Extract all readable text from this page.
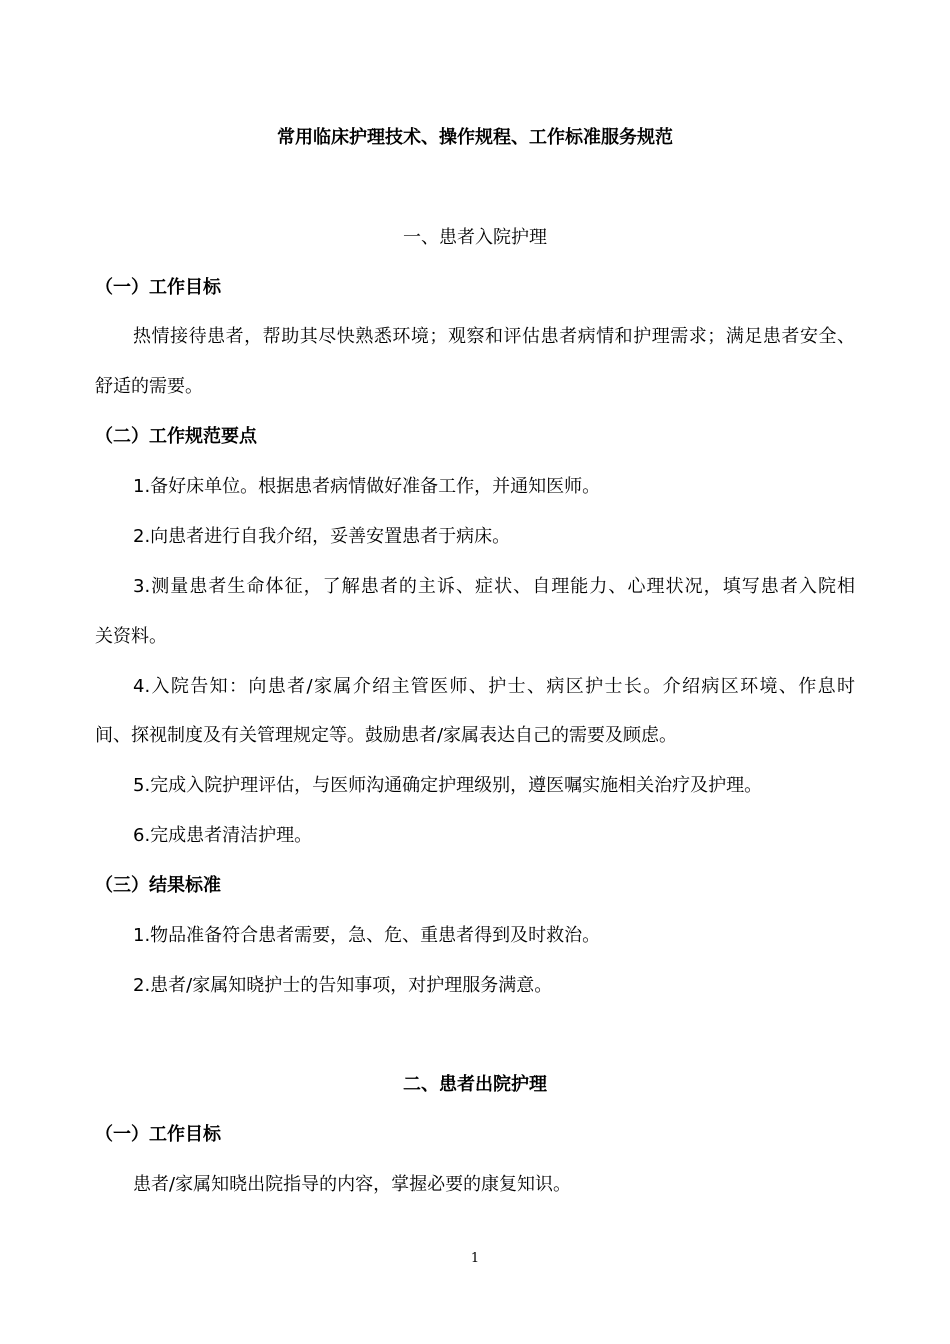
常用临床护理技术、操作规程、工作标准服务规范
一、患者入院护理
（一）工作目标
热情接待患者，帮助其尽快熟悉环境；观察和评估患者病情和护理需求；满足患者安全、
舒适的需要。
（二）工作规范要点
1.备好床单位。根据患者病情做好准备工作，并通知医师。
2.向患者进行自我介绍，妥善安置患者于病床。
3.测量患者生命体征，了解患者的主诉、症状、自理能力、心理状况，填写患者入院相
关资料。
4.入院告知：向患者/家属介绍主管医师、护士、病区护士长。介绍病区环境、作息时
间、探视制度及有关管理规定等。鼓励患者/家属表达自己的需要及顾虑。
5.完成入院护理评估，与医师沟通确定护理级别，遵医嘱实施相关治疗及护理。
6.完成患者清洁护理。
（三）结果标准
1.物品准备符合患者需要，急、危、重患者得到及时救治。
2.患者/家属知晓护士的告知事项，对护理服务满意。
二、患者出院护理
（一）工作目标
患者/家属知晓出院指导的内容，掌握必要的康复知识。
1
